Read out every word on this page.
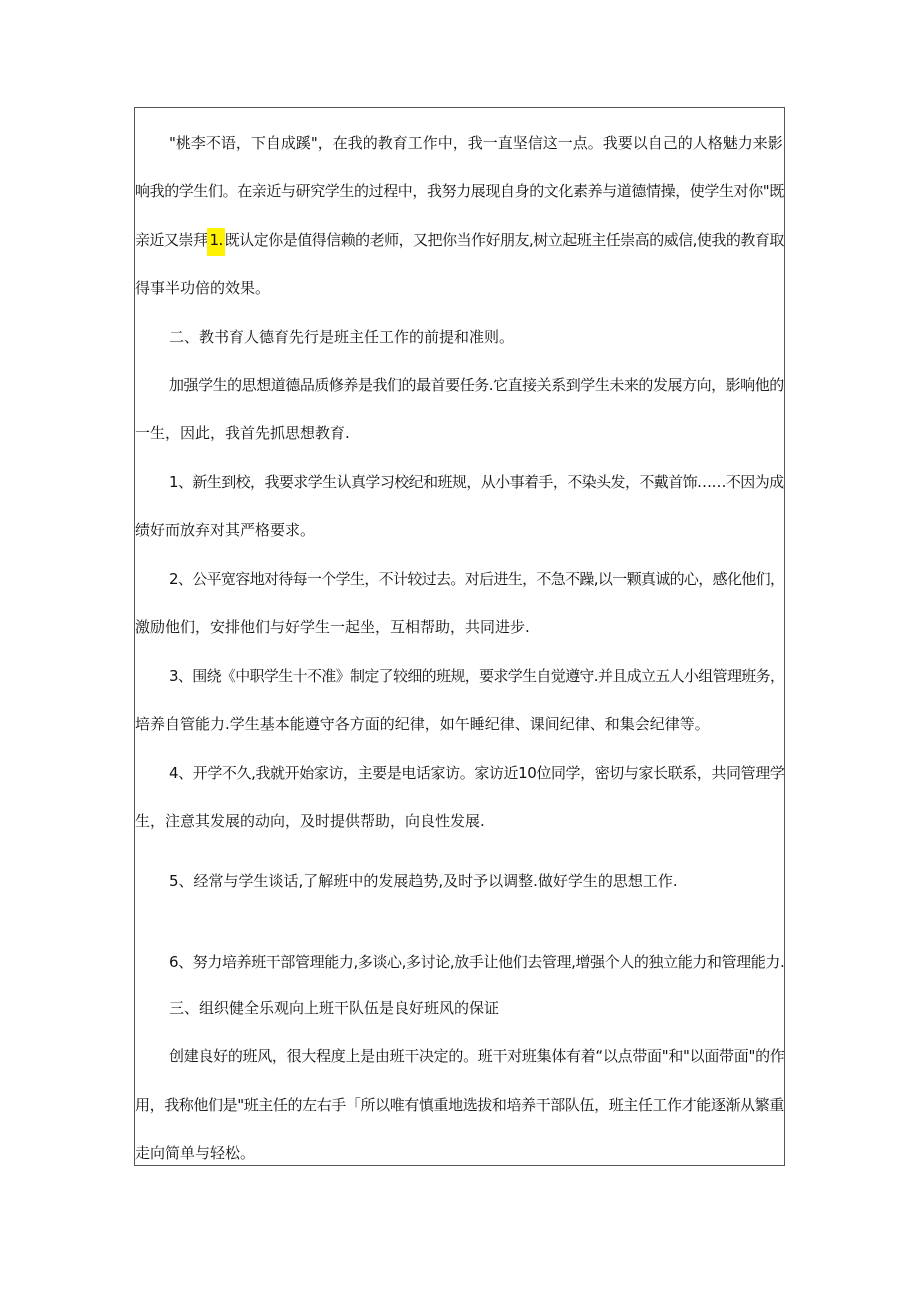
"桃李不语，下自成蹊"，在我的教育工作中，我一直坚信这一点。我要以自己的人格魅力来影
响我的学生们。在亲近与研究学生的过程中，我努力展现自身的文化素养与道德情操，使学生对你"既
亲近又崇拜 1. 既认定你是值得信赖的老师，又把你当作好朋友,树立起班主任崇高的威信,使我的教育取
得事半功倍的效果。
二、教书育人德育先行是班主任工作的前提和准则。
加强学生的思想道德品质修养是我们的最首要任务.它直接关系到学生未来的发展方向，影响他的
一生，因此，我首先抓思想教育.
1、新生到校，我要求学生认真学习校纪和班规，从小事着手，不染头发，不戴首饰……不因为成
绩好而放弃对其严格要求。
2、公平宽容地对待每一个学生，不计较过去。对后进生，不急不躁,以一颗真诚的心，感化他们，
激励他们，安排他们与好学生一起坐，互相帮助，共同进步.
3、围绕《中职学生十不准》制定了较细的班规，要求学生自觉遵守.并且成立五人小组管理班务，
培养自管能力.学生基本能遵守各方面的纪律，如午睡纪律、课间纪律、和集会纪律等。
4、开学不久,我就开始家访，主要是电话家访。家访近10位同学，密切与家长联系，共同管理学
生，注意其发展的动向，及时提供帮助，向良性发展.
5、经常与学生谈话,了解班中的发展趋势,及时予以调整.做好学生的思想工作.
6、努力培养班干部管理能力,多谈心,多讨论,放手让他们去管理,增强个人的独立能力和管理能力.
三、组织健全乐观向上班干队伍是良好班风的保证
创建良好的班风，很大程度上是由班干决定的。班干对班集体有着“以点带面"和"以面带面"的作
用，我称他们是"班主任的左右手「所以唯有慎重地选拔和培养干部队伍，班主任工作才能逐渐从繁重
走向简单与轻松。
